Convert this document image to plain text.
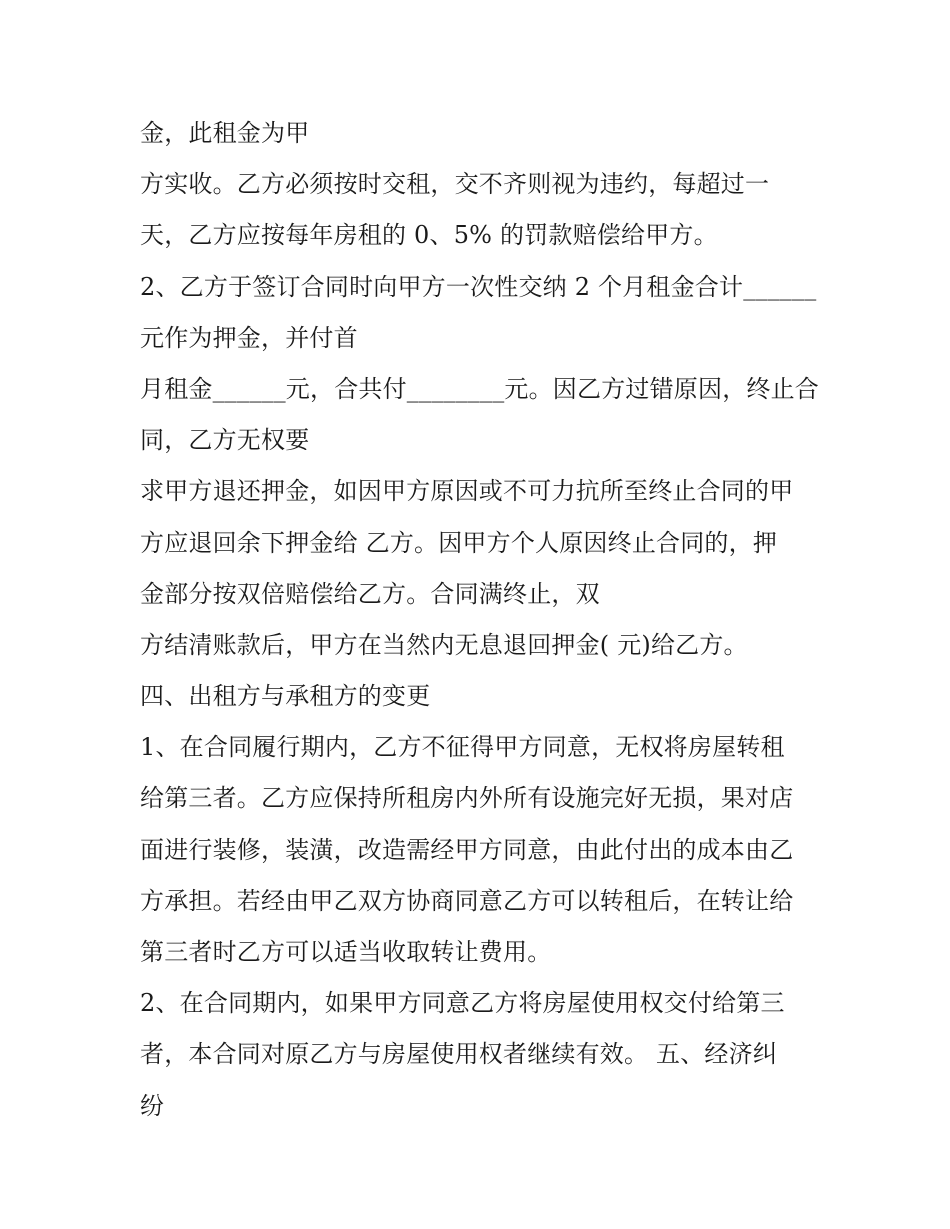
金，此租金为甲
方实收。乙方必须按时交租，交不齐则视为违约，每超过一
天，乙方应按每年房租的 0、5% 的罚款赔偿给甲方。
2、乙方于签订合同时向甲方一次性交纳 2 个月租金合计______
元作为押金，并付首
月租金______元，合共付________元。因乙方过错原因，终止合
同，乙方无权要
求甲方退还押金，如因甲方原因或不可力抗所至终止合同的甲
方应退回余下押金给 乙方。因甲方个人原因终止合同的，押
金部分按双倍赔偿给乙方。合同满终止，双
方结清账款后，甲方在当然内无息退回押金( 元)给乙方。
四、出租方与承租方的变更
1、在合同履行期内，乙方不征得甲方同意，无权将房屋转租
给第三者。乙方应保持所租房内外所有设施完好无损，果对店
面进行装修，装潢，改造需经甲方同意，由此付出的成本由乙
方承担。若经由甲乙双方协商同意乙方可以转租后，在转让给
第三者时乙方可以适当收取转让费用。
2、在合同期内，如果甲方同意乙方将房屋使用权交付给第三
者，本合同对原乙方与房屋使用权者继续有效。 五、经济纠
纷
